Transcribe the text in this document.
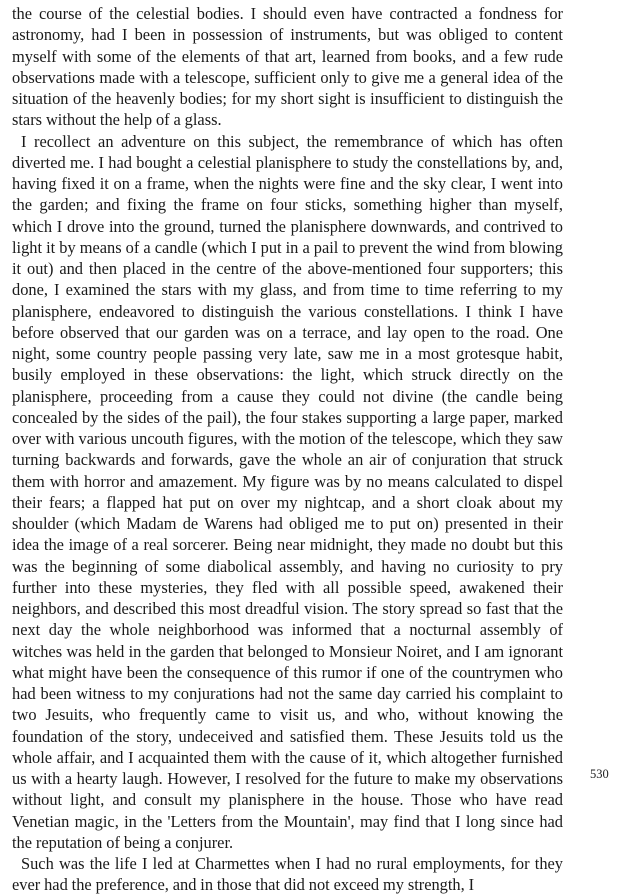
the course of the celestial bodies. I should even have contracted a fondness for astronomy, had I been in possession of instruments, but was obliged to content myself with some of the elements of that art, learned from books, and a few rude observations made with a telescope, sufficient only to give me a general idea of the situation of the heavenly bodies; for my short sight is insufficient to distinguish the stars without the help of a glass.

I recollect an adventure on this subject, the remembrance of which has often diverted me. I had bought a celestial planisphere to study the constellations by, and, having fixed it on a frame, when the nights were fine and the sky clear, I went into the garden; and fixing the frame on four sticks, something higher than myself, which I drove into the ground, turned the planisphere downwards, and contrived to light it by means of a candle (which I put in a pail to prevent the wind from blowing it out) and then placed in the centre of the above-mentioned four supporters; this done, I examined the stars with my glass, and from time to time referring to my planisphere, endeavored to distinguish the various constellations. I think I have before observed that our garden was on a terrace, and lay open to the road. One night, some country people passing very late, saw me in a most grotesque habit, busily employed in these observations: the light, which struck directly on the planisphere, proceeding from a cause they could not divine (the candle being concealed by the sides of the pail), the four stakes supporting a large paper, marked over with various uncouth figures, with the motion of the telescope, which they saw turning backwards and forwards, gave the whole an air of conjuration that struck them with horror and amazement. My figure was by no means calculated to dispel their fears; a flapped hat put on over my nightcap, and a short cloak about my shoulder (which Madam de Warens had obliged me to put on) presented in their idea the image of a real sorcerer. Being near midnight, they made no doubt but this was the beginning of some diabolical assembly, and having no curiosity to pry further into these mysteries, they fled with all possible speed, awakened their neighbors, and described this most dreadful vision. The story spread so fast that the next day the whole neighborhood was informed that a nocturnal assembly of witches was held in the garden that belonged to Monsieur Noiret, and I am ignorant what might have been the consequence of this rumor if one of the countrymen who had been witness to my conjurations had not the same day carried his complaint to two Jesuits, who frequently came to visit us, and who, without knowing the foundation of the story, undeceived and satisfied them. These Jesuits told us the whole affair, and I acquainted them with the cause of it, which altogether furnished us with a hearty laugh. However, I resolved for the future to make my observations without light, and consult my planisphere in the house. Those who have read Venetian magic, in the 'Letters from the Mountain', may find that I long since had the reputation of being a conjurer.

Such was the life I led at Charmettes when I had no rural employments, for they ever had the preference, and in those that did not exceed my strength, I

530
